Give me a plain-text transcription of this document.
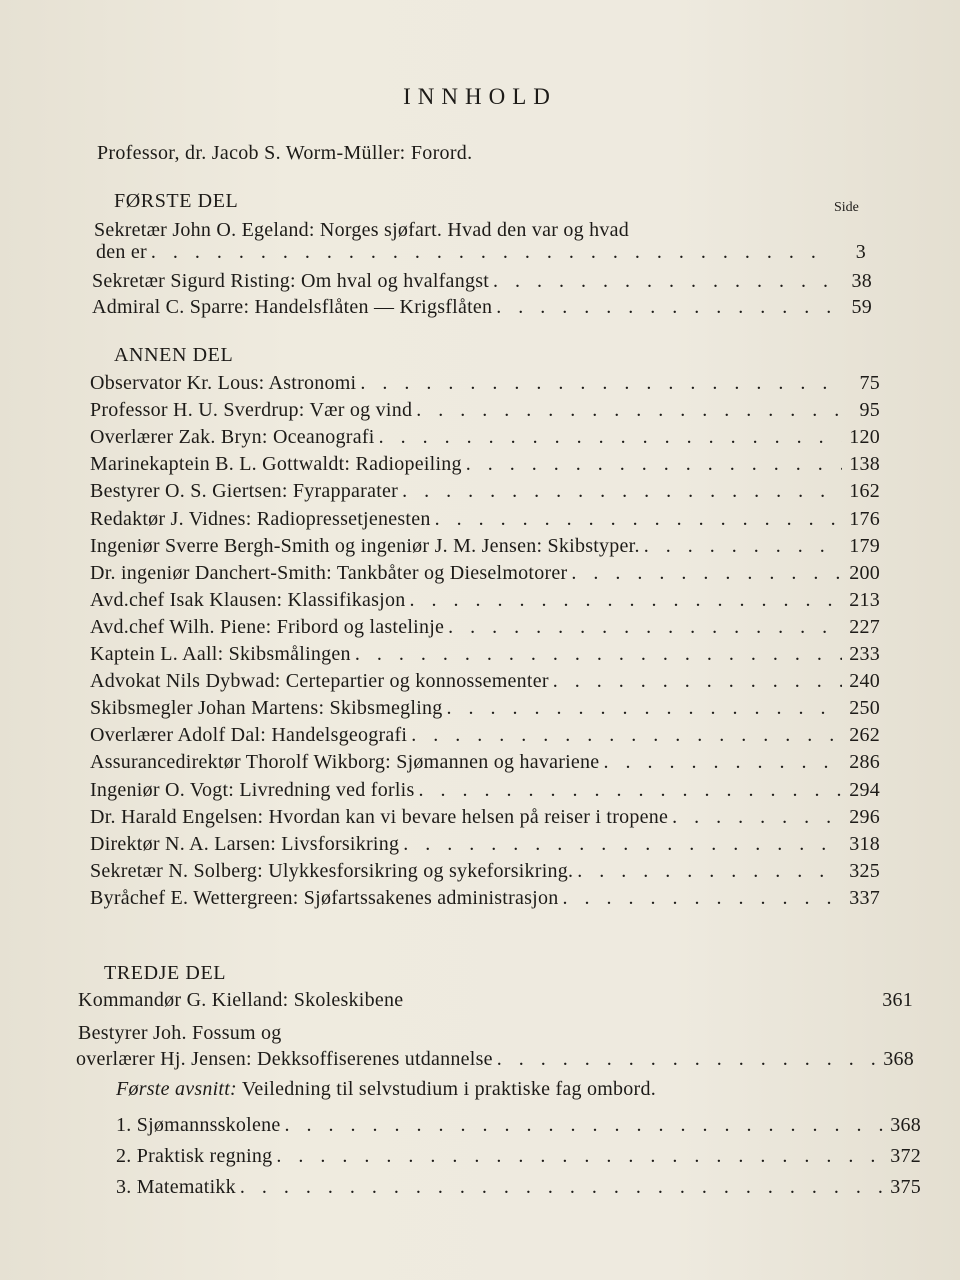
INNHOLD
Professor, dr. Jacob S. Worm-Müller: Forord.
FØRSTE DEL	Side
Sekretær John O. Egeland: Norges sjøfart. Hvad den var og hvad
den er . . .	3
Sekretær Sigurd Risting: Om hval og hvalfangst . . .	38
Admiral C. Sparre: Handelsflåten — Krigsflåten . . .	59
ANNEN DEL
Observator Kr. Lous: Astronomi . . .	75
Professor H. U. Sverdrup: Vær og vind . . .	95
Overlærer Zak. Bryn: Oceanografi . . .	120
Marinekaptein B. L. Gottwaldt: Radiopeiling . . .	138
Bestyrer O. S. Giertsen: Fyrapparater . . .	162
Redaktør J. Vidnes: Radiopressetjenesten . . .	176
Ingeniør Sverre Bergh-Smith og ingeniør J. M. Jensen: Skibstyper. . . .	179
Dr. ingeniør Danchert-Smith: Tankbåter og Dieselmotorer . . .	200
Avd.chef Isak Klausen: Klassifikasjon . . .	213
Avd.chef Wilh. Piene: Fribord og lastelinje . . .	227
Kaptein L. Aall: Skibsmålingen . . .	233
Advokat Nils Dybwad: Certepartier og konnossementer . . .	240
Skibsmegler Johan Martens: Skibsmegling . . .	250
Overlærer Adolf Dal: Handelsgeografi . . .	262
Assurancedirektør Thorolf Wikborg: Sjømannen og havariene . . .	286
Ingeniør O. Vogt: Livredning ved forlis . . .	294
Dr. Harald Engelsen: Hvordan kan vi bevare helsen på reiser i tropene . . .	296
Direktør N. A. Larsen: Livsforsikring . . .	318
Sekretær N. Solberg: Ulykkesforsikring og sykeforsikring. . . .	325
Byråchef E. Wettergreen: Sjøfartssakenes administrasjon . . .	337
TREDJE DEL
Kommandør G. Kielland: Skoleskibene	361
Bestyrer Joh. Fossum og
overlærer Hj. Jensen: Dekksoffiserenes utdannelse . . .	368
Første avsnitt: Veiledning til selvstudium i praktiske fag ombord.
1. Sjømannsskolene . . .	368
2. Praktisk regning . . .	372
3. Matematikk . . .	375
